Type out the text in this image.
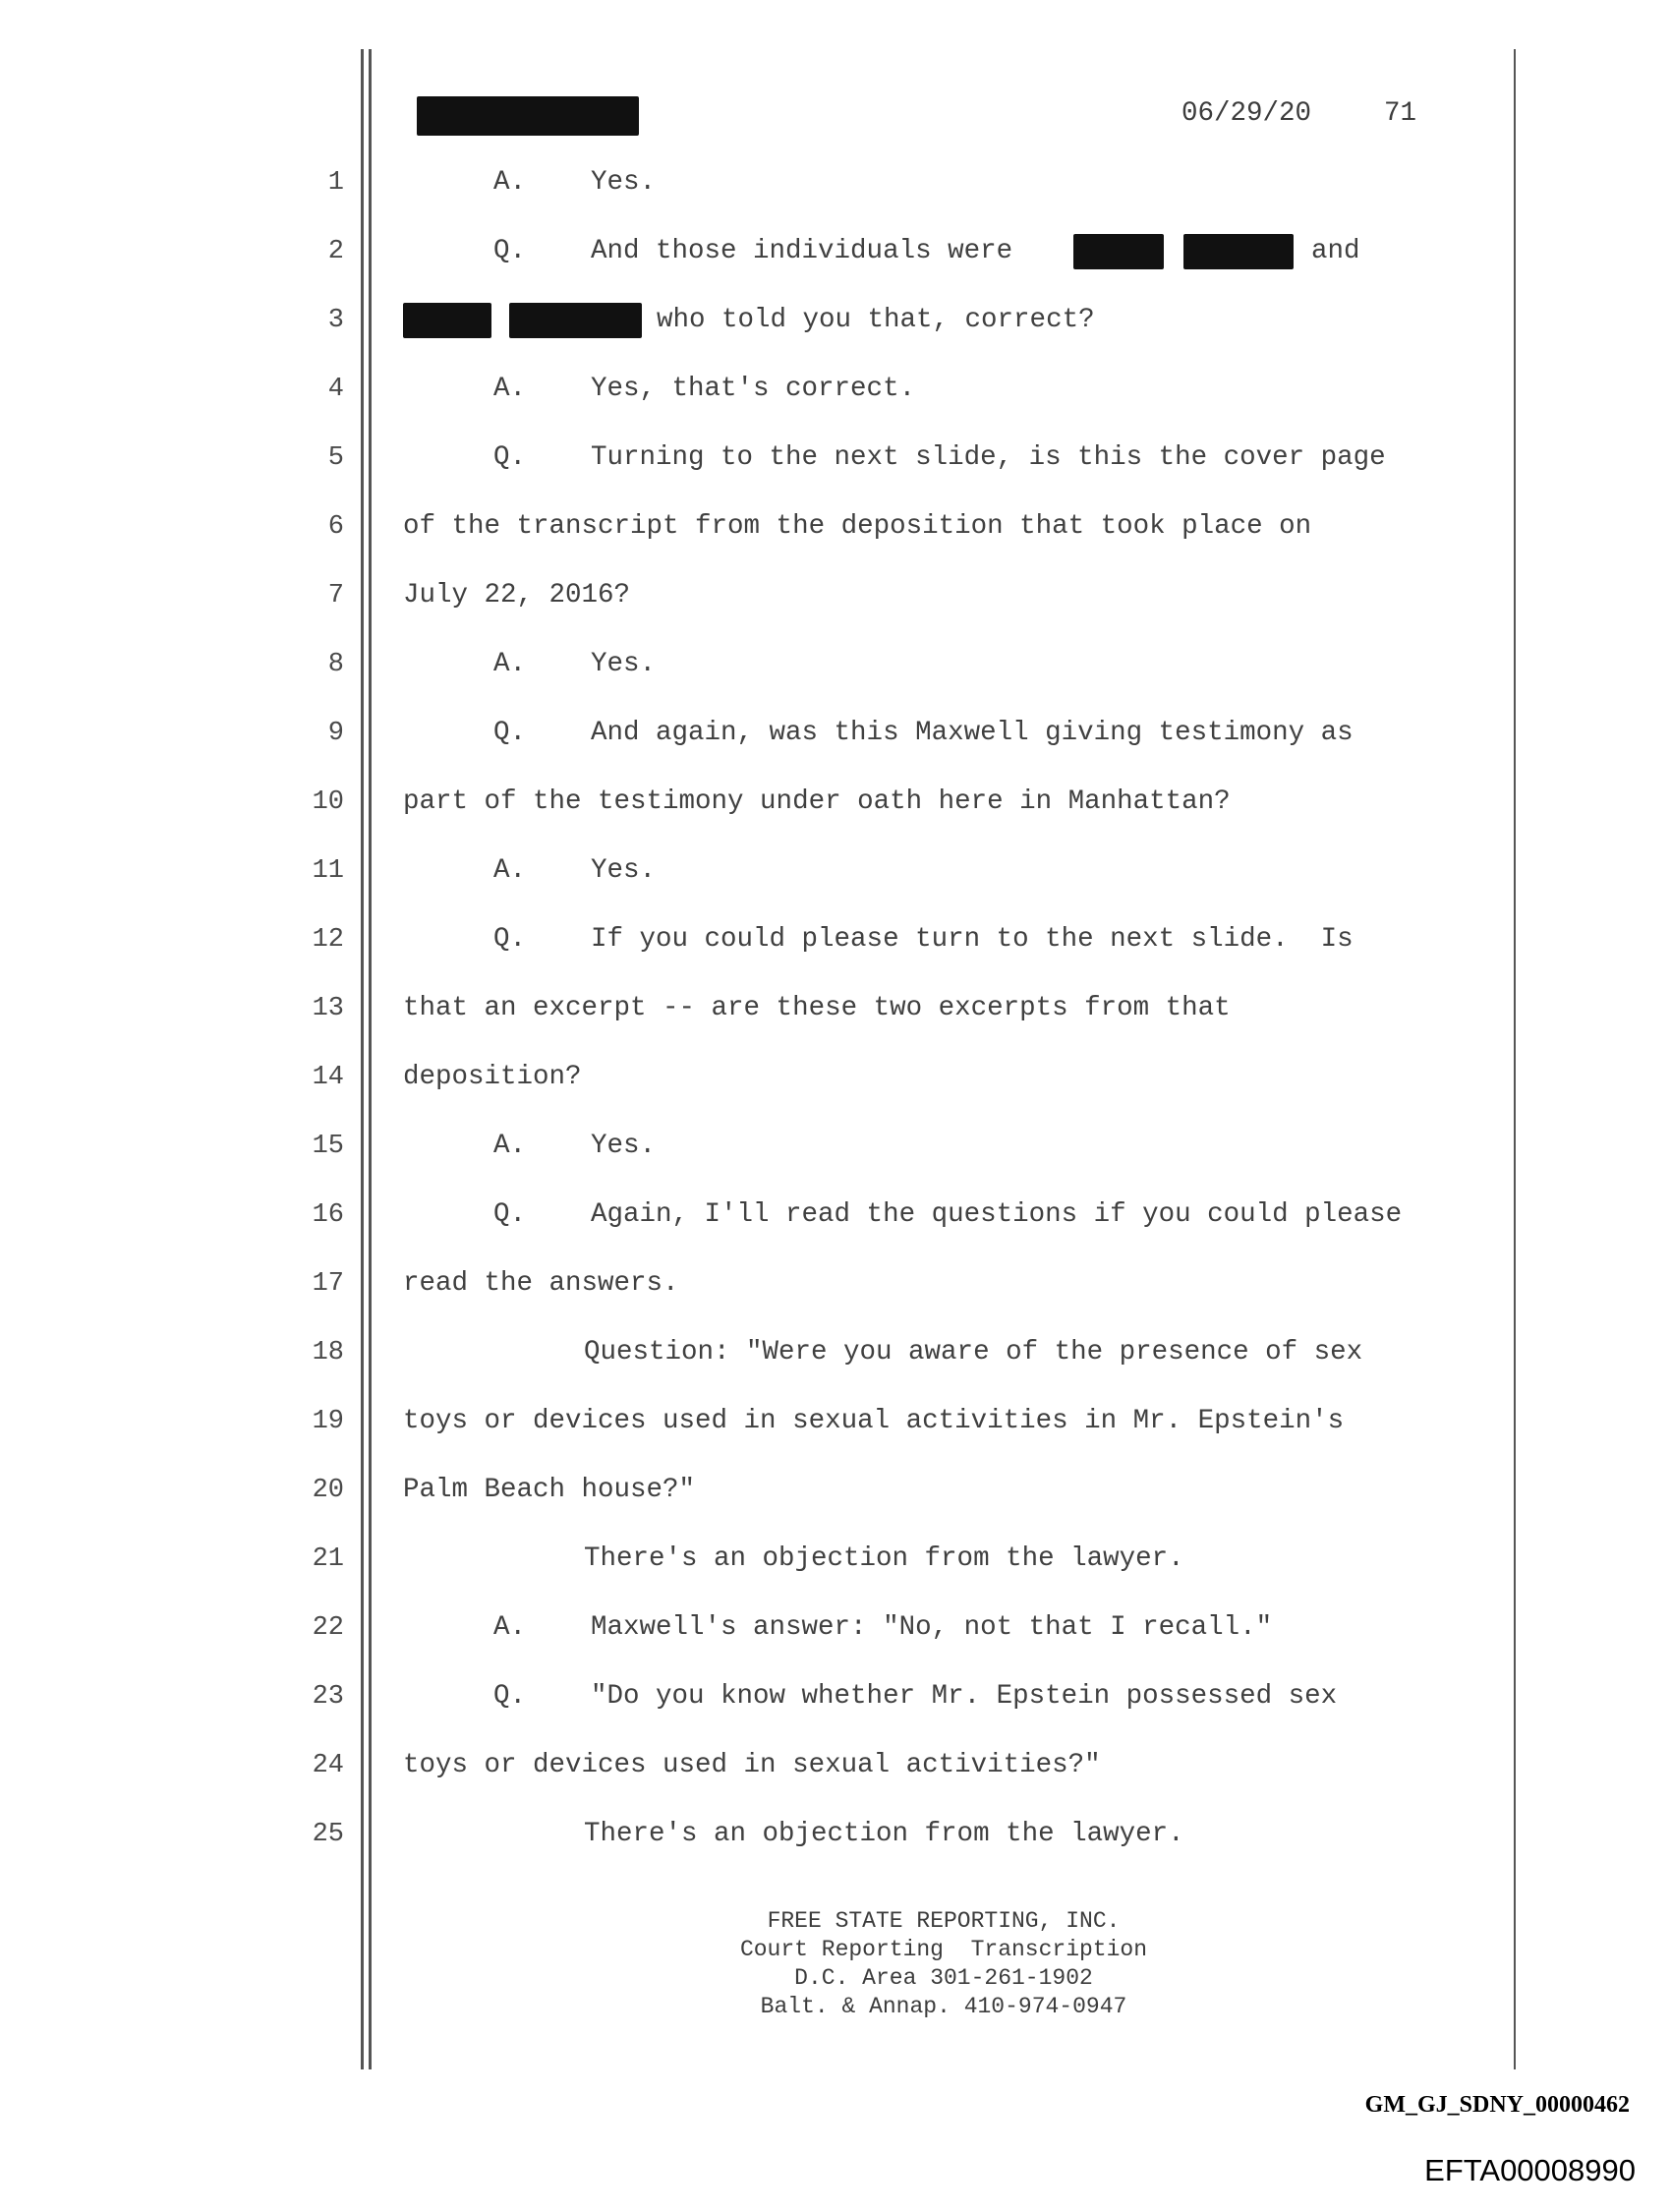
06/29/20	71
1	A.    Yes.
2	Q.    And those individuals were	and
3	who told you that, correct?
4	A.    Yes, that's correct.
5	Q.    Turning to the next slide, is this the cover page
6 of the transcript from the deposition that took place on
7 July 22, 2016?
8	A.    Yes.
9	Q.    And again, was this Maxwell giving testimony as
10 part of the testimony under oath here in Manhattan?
11	A.    Yes.
12	Q.    If you could please turn to the next slide.  Is
13 that an excerpt -- are these two excerpts from that
14 deposition?
15	A.    Yes.
16	Q.    Again, I'll read the questions if you could please
17 read the answers.
18	Question: "Were you aware of the presence of sex
19 toys or devices used in sexual activities in Mr. Epstein's
20 Palm Beach house?"
21	There's an objection from the lawyer.
22	A.    Maxwell's answer: "No, not that I recall."
23	Q.    "Do you know whether Mr. Epstein possessed sex
24 toys or devices used in sexual activities?"
25	There's an objection from the lawyer.
FREE STATE REPORTING, INC.
Court Reporting  Transcription
D.C. Area 301-261-1902
Balt. & Annap. 410-974-0947
GM_GJ_SDNY_00000462
EFTA00008990
